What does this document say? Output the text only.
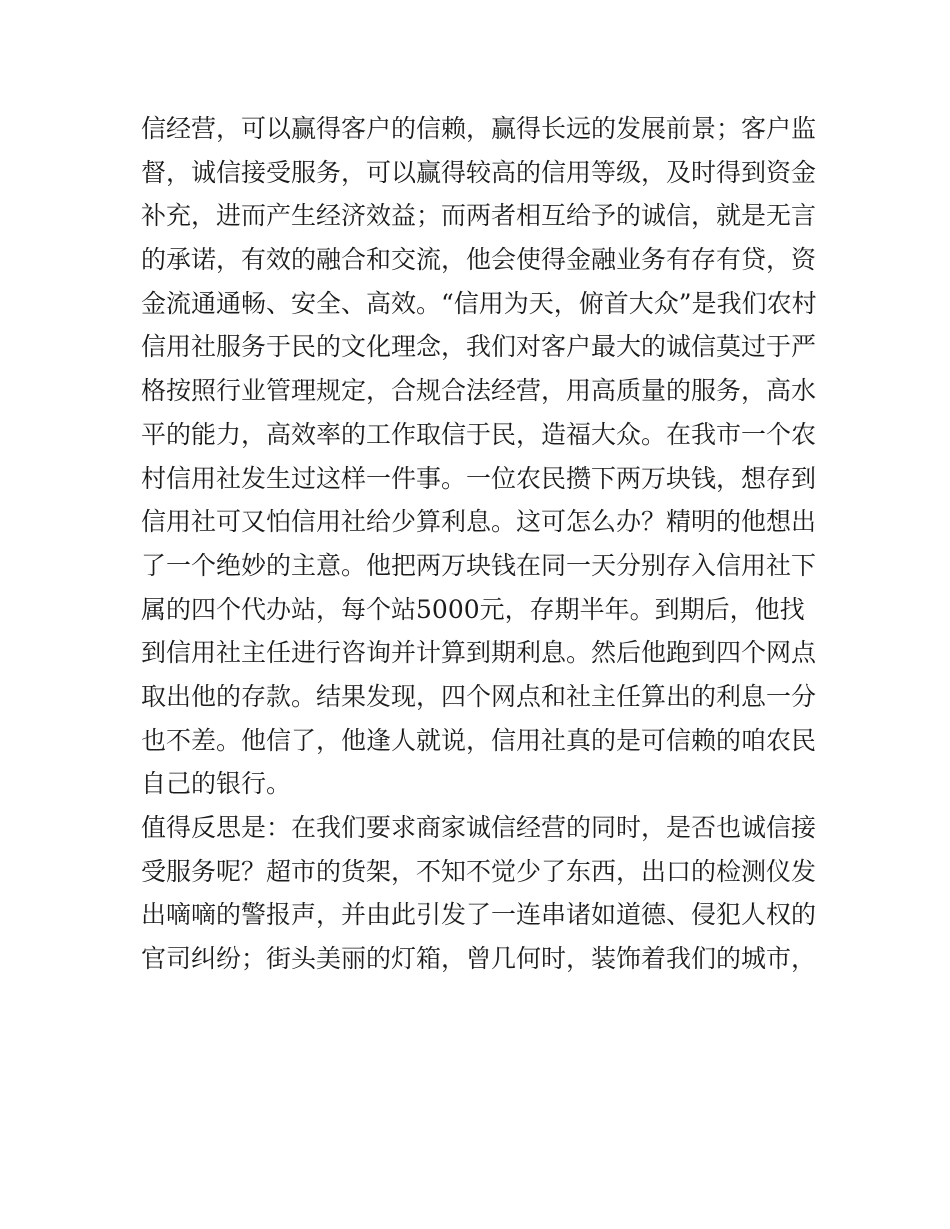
信经营，可以赢得客户的信赖，赢得长远的发展前景；客户监
督，诚信接受服务，可以赢得较高的信用等级，及时得到资金
补充，进而产生经济效益；而两者相互给予的诚信，就是无言
的承诺，有效的融合和交流，他会使得金融业务有存有贷，资
金流通通畅、安全、高效。“信用为天，俯首大众”是我们农村
信用社服务于民的文化理念，我们对客户最大的诚信莫过于严
格按照行业管理规定，合规合法经营，用高质量的服务，高水
平的能力，高效率的工作取信于民，造福大众。在我市一个农
村信用社发生过这样一件事。一位农民攒下两万块钱，想存到
信用社可又怕信用社给少算利息。这可怎么办？精明的他想出
了一个绝妙的主意。他把两万块钱在同一天分别存入信用社下
属的四个代办站，每个站5000元，存期半年。到期后，他找
到信用社主任进行咨询并计算到期利息。然后他跑到四个网点
取出他的存款。结果发现，四个网点和社主任算出的利息一分
也不差。他信了，他逢人就说，信用社真的是可信赖的咱农民
自己的银行。
值得反思是：在我们要求商家诚信经营的同时，是否也诚信接
受服务呢？超市的货架，不知不觉少了东西，出口的检测仪发
出嘀嘀的警报声，并由此引发了一连串诸如道德、侵犯人权的
官司纠纷；街头美丽的灯箱，曾几何时，装饰着我们的城市，
